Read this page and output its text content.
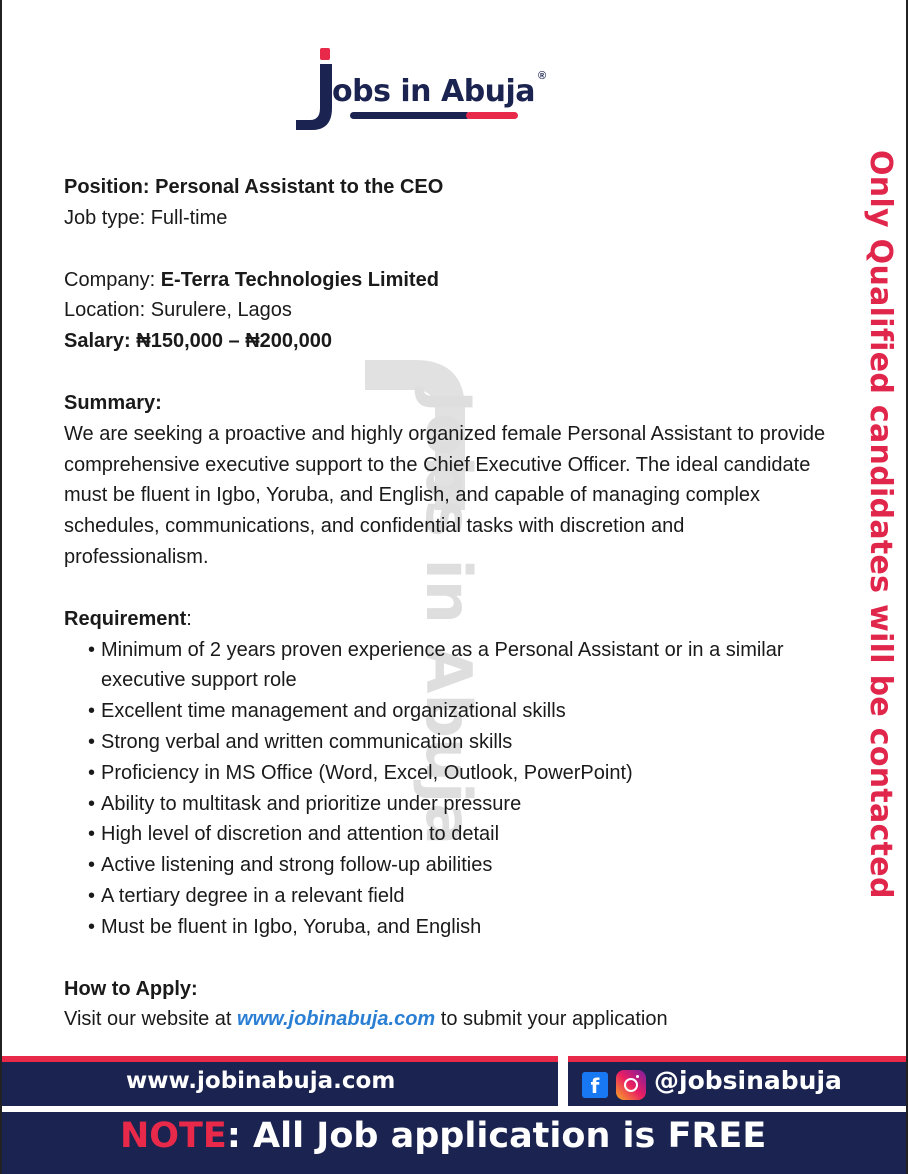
obs in Abuja ®
Jobs in Abuja
Position: Personal Assistant to the CEO
Job type: Full-time
Company: E-Terra Technologies Limited
Location: Surulere, Lagos
Salary: ₦150,000 – ₦200,000
Summary:
We are seeking a proactive and highly organized female Personal Assistant to provide comprehensive executive support to the Chief Executive Officer. The ideal candidate must be fluent in Igbo, Yoruba, and English, and capable of managing complex schedules, communications, and confidential tasks with discretion and professionalism.
Requirement:
• Minimum of 2 years proven experience as a Personal Assistant or in a similar executive support role
• Excellent time management and organizational skills
• Strong verbal and written communication skills
• Proficiency in MS Office (Word, Excel, Outlook, PowerPoint)
• Ability to multitask and prioritize under pressure
• High level of discretion and attention to detail
• Active listening and strong follow-up abilities
• A tertiary degree in a relevant field
• Must be fluent in Igbo, Yoruba, and English
How to Apply:
Visit our website at www.jobinabuja.com to submit your application
Only Qualified candidates will be contacted
www.jobinabuja.com	f	@jobsinabuja
NOTE: All Job application is FREE
